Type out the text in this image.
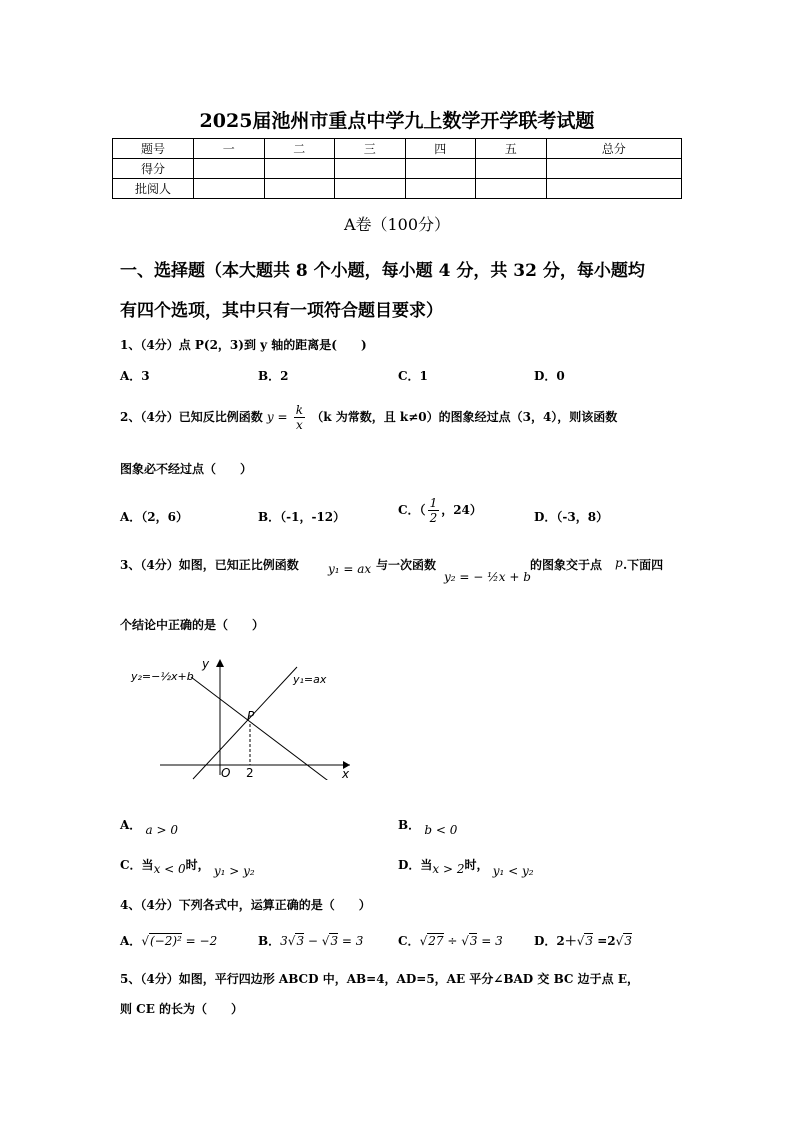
2025届池州市重点中学九上数学开学联考试题
题号	一	二	三	四	五	总分
得分						
批阅人						
A卷（100分）
一、选择题（本大题共 8 个小题，每小题 4 分，共 32 分，每小题均
有四个选项，其中只有一项符合题目要求）
1、（4分）点 P(2，3)到 y 轴的距离是(　　)
A．3	B．2	C．1	D．0
2、（4分）已知反比例函数 $y = \frac{k}{x} (k$ 为常数，且 k≠0）的图象经过点（3，4），则该函数
图象必不经过点（　　）
A．（2，6）	B．（-1，-12）	C．（ $\frac{1}{2}$ ，24）	D．（-3，8）
3、（4分）如图，已知正比例函数 y₁ = ax 与一次函数
y₂ = − ½x + b
的图象交于点 p .下面四
个结论中正确的是（　　）
y₂=−½x+b	y₁=ax
y
x
O
P
2
A． a > 0	B． b < 0
C．当x < 0时， y₁ > y₂	D．当x > 2时， y₁ < y₂
4、（4分）下列各式中，运算正确的是（　　）
A．√(−2)² = −2	B．3√3 − √3 = 3	C．√27 ÷ √3 = 3	D．2＋√3 =2√3
5、（4分）如图，平行四边形 ABCD 中，AB=4，AD=5，AE 平分∠BAD 交 BC 边于点 E，
则 CE 的长为（　　）
